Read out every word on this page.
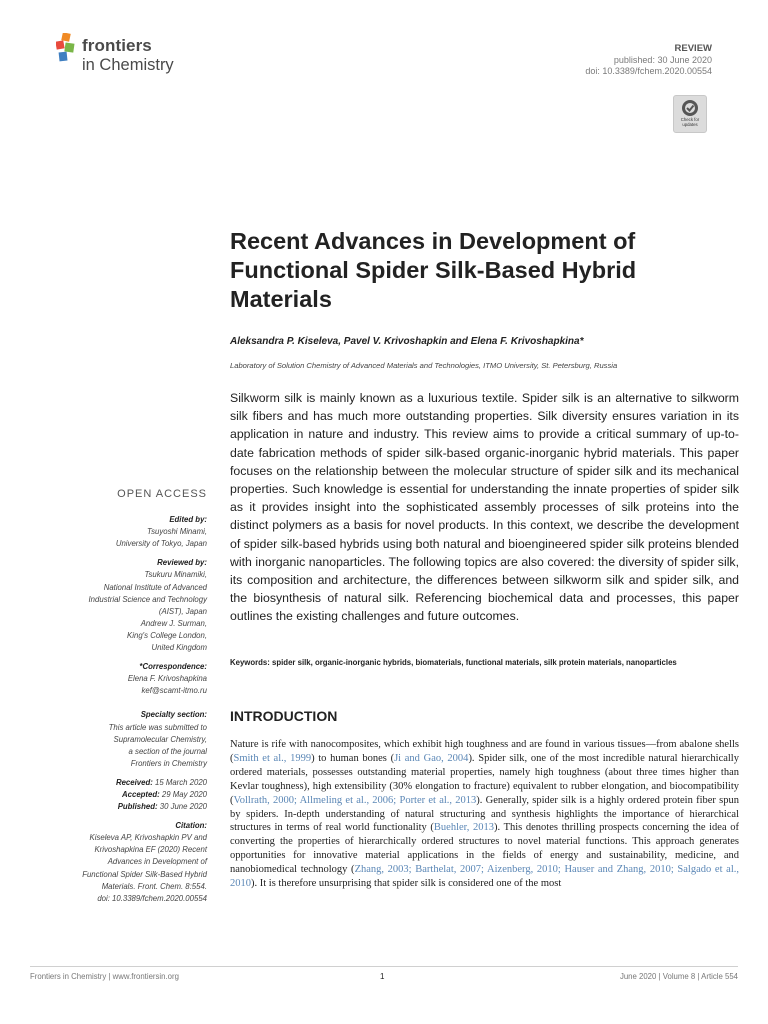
frontiers
in Chemistry
REVIEW
published: 30 June 2020
doi: 10.3389/fchem.2020.00554
Check for updates
Recent Advances in Development of Functional Spider Silk-Based Hybrid Materials
Aleksandra P. Kiseleva, Pavel V. Krivoshapkin and Elena F. Krivoshapkina*
Laboratory of Solution Chemistry of Advanced Materials and Technologies, ITMO University, St. Petersburg, Russia
Silkworm silk is mainly known as a luxurious textile. Spider silk is an alternative to silkworm silk fibers and has much more outstanding properties. Silk diversity ensures variation in its application in nature and industry. This review aims to provide a critical summary of up-to-date fabrication methods of spider silk-based organic-inorganic hybrid materials. This paper focuses on the relationship between the molecular structure of spider silk and its mechanical properties. Such knowledge is essential for understanding the innate properties of spider silk as it provides insight into the sophisticated assembly processes of silk proteins into the distinct polymers as a basis for novel products. In this context, we describe the development of spider silk-based hybrids using both natural and bioengineered spider silk proteins blended with inorganic nanoparticles. The following topics are also covered: the diversity of spider silk, its composition and architecture, the differences between silkworm silk and spider silk, and the biosynthesis of natural silk. Referencing biochemical data and processes, this paper outlines the existing challenges and future outcomes.
Keywords: spider silk, organic-inorganic hybrids, biomaterials, functional materials, silk protein materials, nanoparticles
INTRODUCTION
Nature is rife with nanocomposites, which exhibit high toughness and are found in various tissues—from abalone shells (Smith et al., 1999) to human bones (Ji and Gao, 2004). Spider silk, one of the most incredible natural hierarchically ordered materials, possesses outstanding material properties, namely high toughness (about three times higher than Kevlar toughness), high extensibility (30% elongation to fracture) equivalent to rubber elongation, and biocompatibility (Vollrath, 2000; Allmeling et al., 2006; Porter et al., 2013). Generally, spider silk is a highly ordered protein fiber spun by spiders. In-depth understanding of natural structuring and synthesis highlights the importance of hierarchical structures in terms of real world functionality (Buehler, 2013). This denotes thrilling prospects concerning the idea of converting the properties of hierarchically ordered structures to novel material functions. This approach generates opportunities for innovative material applications in the fields of energy and sustainability, medicine, and nanobiomedical technology (Zhang, 2003; Barthelat, 2007; Aizenberg, 2010; Hauser and Zhang, 2010; Salgado et al., 2010). It is therefore unsurprising that spider silk is considered one of the most
OPEN ACCESS
Edited by:
Tsuyoshi Minami,
University of Tokyo, Japan
Reviewed by:
Tsukuru Minamiki,
National Institute of Advanced
Industrial Science and Technology
(AIST), Japan
Andrew J. Surman,
King's College London,
United Kingdom
*Correspondence:
Elena F. Krivoshapkina
kef@scamt-itmo.ru
Specialty section:
This article was submitted to
Supramolecular Chemistry,
a section of the journal
Frontiers in Chemistry
Received: 15 March 2020
Accepted: 29 May 2020
Published: 30 June 2020
Citation:
Kiseleva AP, Krivoshapkin PV and
Krivoshapkina EF (2020) Recent
Advances in Development of
Functional Spider Silk-Based Hybrid
Materials. Front. Chem. 8:554.
doi: 10.3389/fchem.2020.00554
Frontiers in Chemistry | www.frontiersin.org	1	June 2020 | Volume 8 | Article 554
